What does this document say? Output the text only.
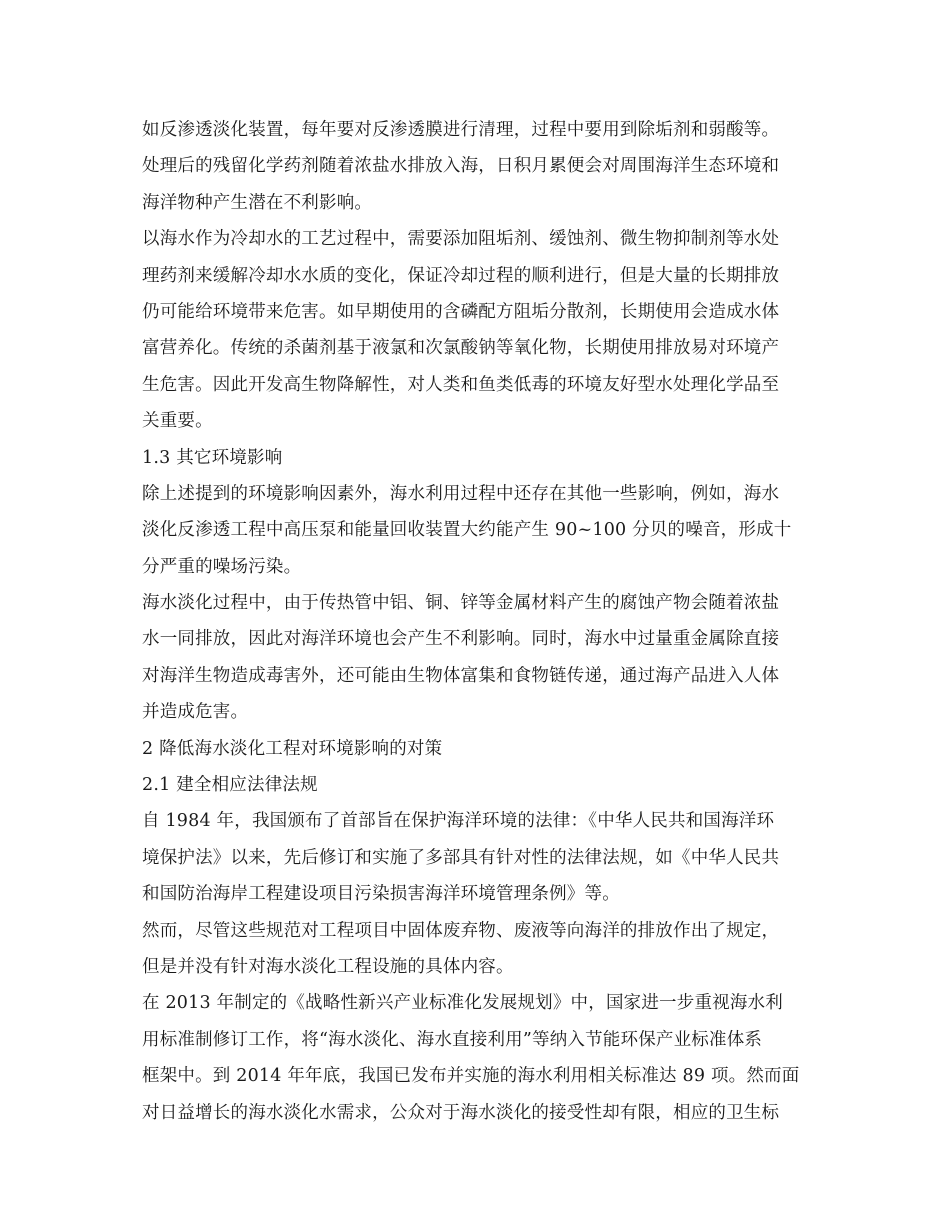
如反渗透淡化装置，每年要对反渗透膜进行清理，过程中要用到除垢剂和弱酸等。
处理后的残留化学药剂随着浓盐水排放入海，日积月累便会对周围海洋生态环境和
海洋物种产生潜在不利影响。
以海水作为冷却水的工艺过程中，需要添加阻垢剂、缓蚀剂、微生物抑制剂等水处
理药剂来缓解冷却水水质的变化，保证冷却过程的顺利进行，但是大量的长期排放
仍可能给环境带来危害。如早期使用的含磷配方阻垢分散剂，长期使用会造成水体
富营养化。传统的杀菌剂基于液氯和次氯酸钠等氧化物，长期使用排放易对环境产
生危害。因此开发高生物降解性，对人类和鱼类低毒的环境友好型水处理化学品至
关重要。
1.3 其它环境影响
除上述提到的环境影响因素外，海水利用过程中还存在其他一些影响，例如，海水
淡化反渗透工程中高压泵和能量回收装置大约能产生 90~100 分贝的噪音，形成十
分严重的噪场污染。
海水淡化过程中，由于传热管中铝、铜、锌等金属材料产生的腐蚀产物会随着浓盐
水一同排放，因此对海洋环境也会产生不利影响。同时，海水中过量重金属除直接
对海洋生物造成毒害外，还可能由生物体富集和食物链传递，通过海产品进入人体
并造成危害。
2 降低海水淡化工程对环境影响的对策
2.1 建全相应法律法规
自 1984 年，我国颁布了首部旨在保护海洋环境的法律：《中华人民共和国海洋环
境保护法》以来，先后修订和实施了多部具有针对性的法律法规，如《中华人民共
和国防治海岸工程建设项目污染损害海洋环境管理条例》等。
然而，尽管这些规范对工程项目中固体废弃物、废液等向海洋的排放作出了规定，
但是并没有针对海水淡化工程设施的具体内容。
在 2013 年制定的《战略性新兴产业标准化发展规划》中，国家进一步重视海水利
用标准制修订工作，将“海水淡化、海水直接利用”等纳入节能环保产业标准体系
框架中。到 2014 年年底，我国已发布并实施的海水利用相关标准达 89 项。然而面
对日益增长的海水淡化水需求，公众对于海水淡化的接受性却有限，相应的卫生标
